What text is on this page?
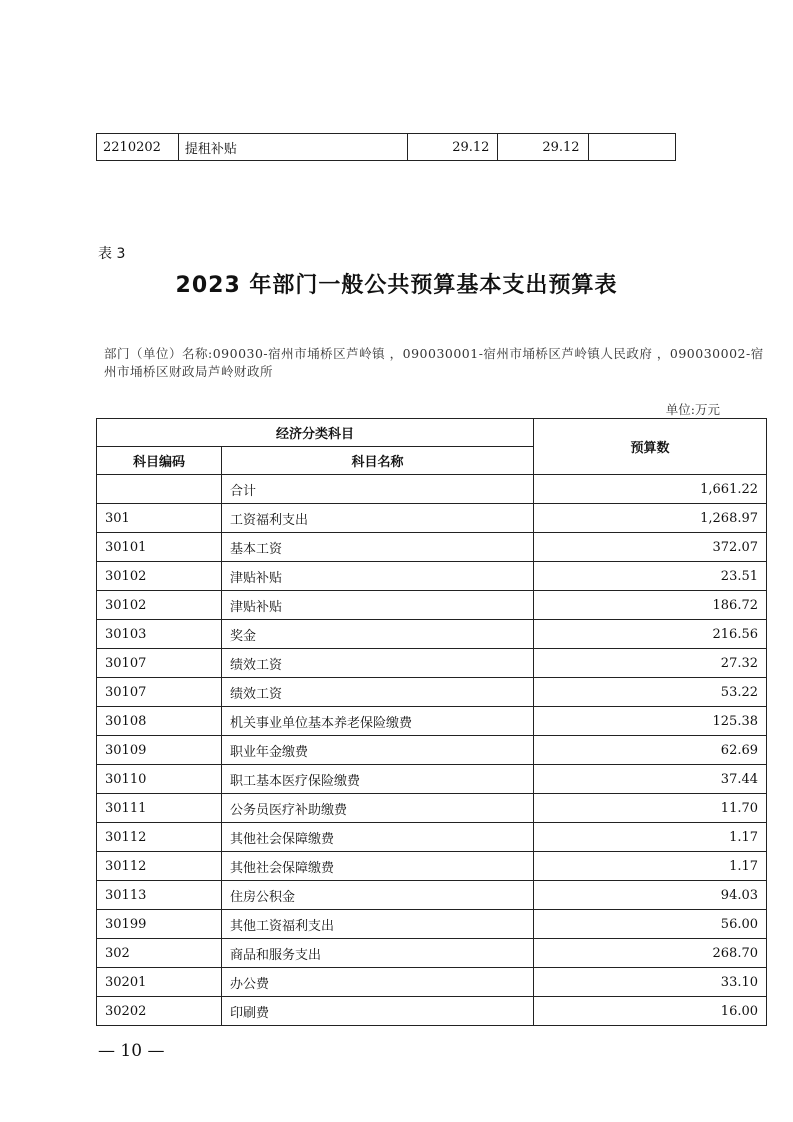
2210202	提租补贴	29.12	29.12	
表 3
2023 年部门一般公共预算基本支出预算表
部门（单位）名称:090030-宿州市埇桥区芦岭镇 ，090030001-宿州市埇桥区芦岭镇人民政府 ，090030002-宿州市埇桥区财政局芦岭财政所
单位:万元
经济分类科目		预算数
科目编码	科目名称	
	合计	1,661.22
301	工资福利支出	1,268.97
30101	基本工资	372.07
30102	津贴补贴	23.51
30102	津贴补贴	186.72
30103	奖金	216.56
30107	绩效工资	27.32
30107	绩效工资	53.22
30108	机关事业单位基本养老保险缴费	125.38
30109	职业年金缴费	62.69
30110	职工基本医疗保险缴费	37.44
30111	公务员医疗补助缴费	11.70
30112	其他社会保障缴费	1.17
30112	其他社会保障缴费	1.17
30113	住房公积金	94.03
30199	其他工资福利支出	56.00
302	商品和服务支出	268.70
30201	办公费	33.10
30202	印刷费	16.00
— 10 —
